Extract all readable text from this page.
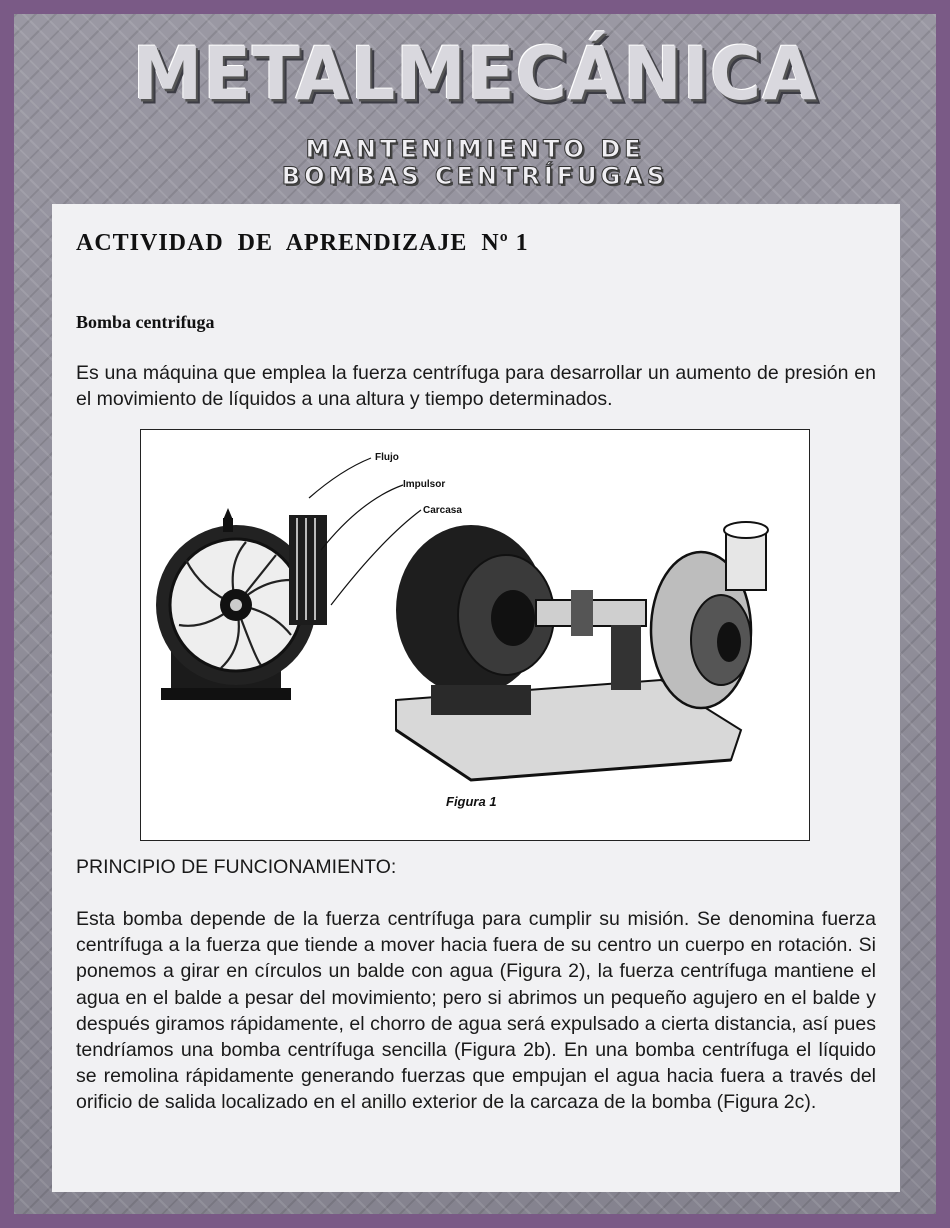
METALMECÁNICA
MANTENIMIENTO DE
BOMBAS CENTRÍFUGAS
ACTIVIDAD  DE  APRENDIZAJE  Nº 1
Bomba centrifuga

Es una máquina que emplea la fuerza centrífuga para desarrollar un aumento de presión en el movimiento de líquidos a una altura y tiempo determinados.

Flujo
Impulsor
Carcasa
Figura 1

PRINCIPIO DE FUNCIONAMIENTO:

Esta bomba depende de la fuerza centrífuga para cumplir su misión. Se denomina fuerza centrífuga a la fuerza que tiende a mover hacia fuera de su centro un cuerpo en rotación. Si ponemos a girar en círculos un balde con agua (Figura 2), la fuerza centrífuga mantiene el agua en el balde a pesar del movimiento; pero si abrimos un pequeño agujero en el balde y después giramos rápidamente, el chorro de agua será expulsado a cierta distancia, así pues tendríamos una bomba centrífuga sencilla (Figura 2b). En una bomba centrífuga el líquido se remolina rápidamente generando fuerzas que empujan el agua hacia fuera a través del orificio de salida localizado en el anillo exterior de la carcaza de la bomba (Figura 2c).
